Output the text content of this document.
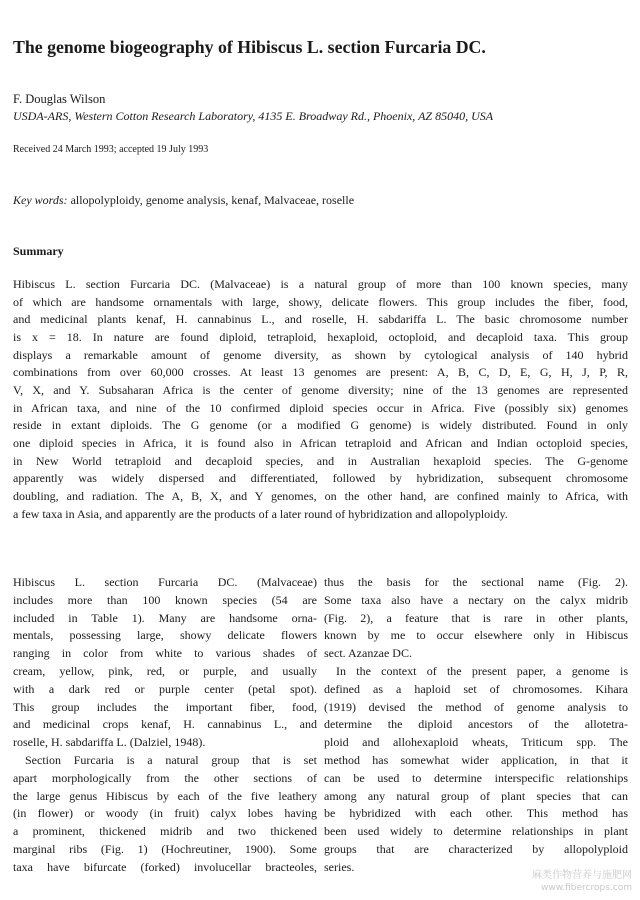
The genome biogeography of Hibiscus L. section Furcaria DC.
F. Douglas Wilson
USDA-ARS, Western Cotton Research Laboratory, 4135 E. Broadway Rd., Phoenix, AZ 85040, USA
Received 24 March 1993; accepted 19 July 1993
Key words: allopolyploidy, genome analysis, kenaf, Malvaceae, roselle
Summary
Hibiscus L. section Furcaria DC. (Malvaceae) is a natural group of more than 100 known species, many
of which are handsome ornamentals with large, showy, delicate flowers. This group includes the fiber, food,
and medicinal plants kenaf, H. cannabinus L., and roselle, H. sabdariffa L. The basic chromosome number
is x = 18. In nature are found diploid, tetraploid, hexaploid, octoploid, and decaploid taxa. This group
displays a remarkable amount of genome diversity, as shown by cytological analysis of 140 hybrid
combinations from over 60,000 crosses. At least 13 genomes are present: A, B, C, D, E, G, H, J, P, R,
V, X, and Y. Subsaharan Africa is the center of genome diversity; nine of the 13 genomes are represented
in African taxa, and nine of the 10 confirmed diploid species occur in Africa. Five (possibly six) genomes
reside in extant diploids. The G genome (or a modified G genome) is widely distributed. Found in only
one diploid species in Africa, it is found also in African tetraploid and African and Indian octoploid species,
in New World tetraploid and decaploid species, and in Australian hexaploid species. The G-genome
apparently was widely dispersed and differentiated, followed by hybridization, subsequent chromosome
doubling, and radiation. The A, B, X, and Y genomes, on the other hand, are confined mainly to Africa, with
a few taxa in Asia, and apparently are the products of a later round of hybridization and allopolyploidy.
Hibiscus L. section Furcaria DC. (Malvaceae)
includes more than 100 known species (54 are
included in Table 1). Many are handsome orna-
mentals, possessing large, showy delicate flowers
ranging in color from white to various shades of
cream, yellow, pink, red, or purple, and usually
with a dark red or purple center (petal spot).
This group includes the important fiber, food,
and medicinal crops kenaf, H. cannabinus L., and
roselle, H. sabdariffa L. (Dalziel, 1948).
Section Furcaria is a natural group that is set
apart morphologically from the other sections of
the large genus Hibiscus by each of the five leathery
(in flower) or woody (in fruit) calyx lobes having
a prominent, thickened midrib and two thickened
marginal ribs (Fig. 1) (Hochreutiner, 1900). Some
taxa have bifurcate (forked) involucellar bracteoles,
thus the basis for the sectional name (Fig. 2).
Some taxa also have a nectary on the calyx midrib
(Fig. 2), a feature that is rare in other plants,
known by me to occur elsewhere only in Hibiscus
sect. Azanzae DC.
In the context of the present paper, a genome is
defined as a haploid set of chromosomes. Kihara
(1919) devised the method of genome analysis to
determine the diploid ancestors of the allotetra-
ploid and allohexaploid wheats, Triticum spp. The
method has somewhat wider application, in that it
can be used to determine interspecific relationships
among any natural group of plant species that can
be hybridized with each other. This method has
been used widely to determine relationships in plant
groups that are characterized by allopolyploid
series.
麻类作物营养与施肥网
www.fibercrops.com
